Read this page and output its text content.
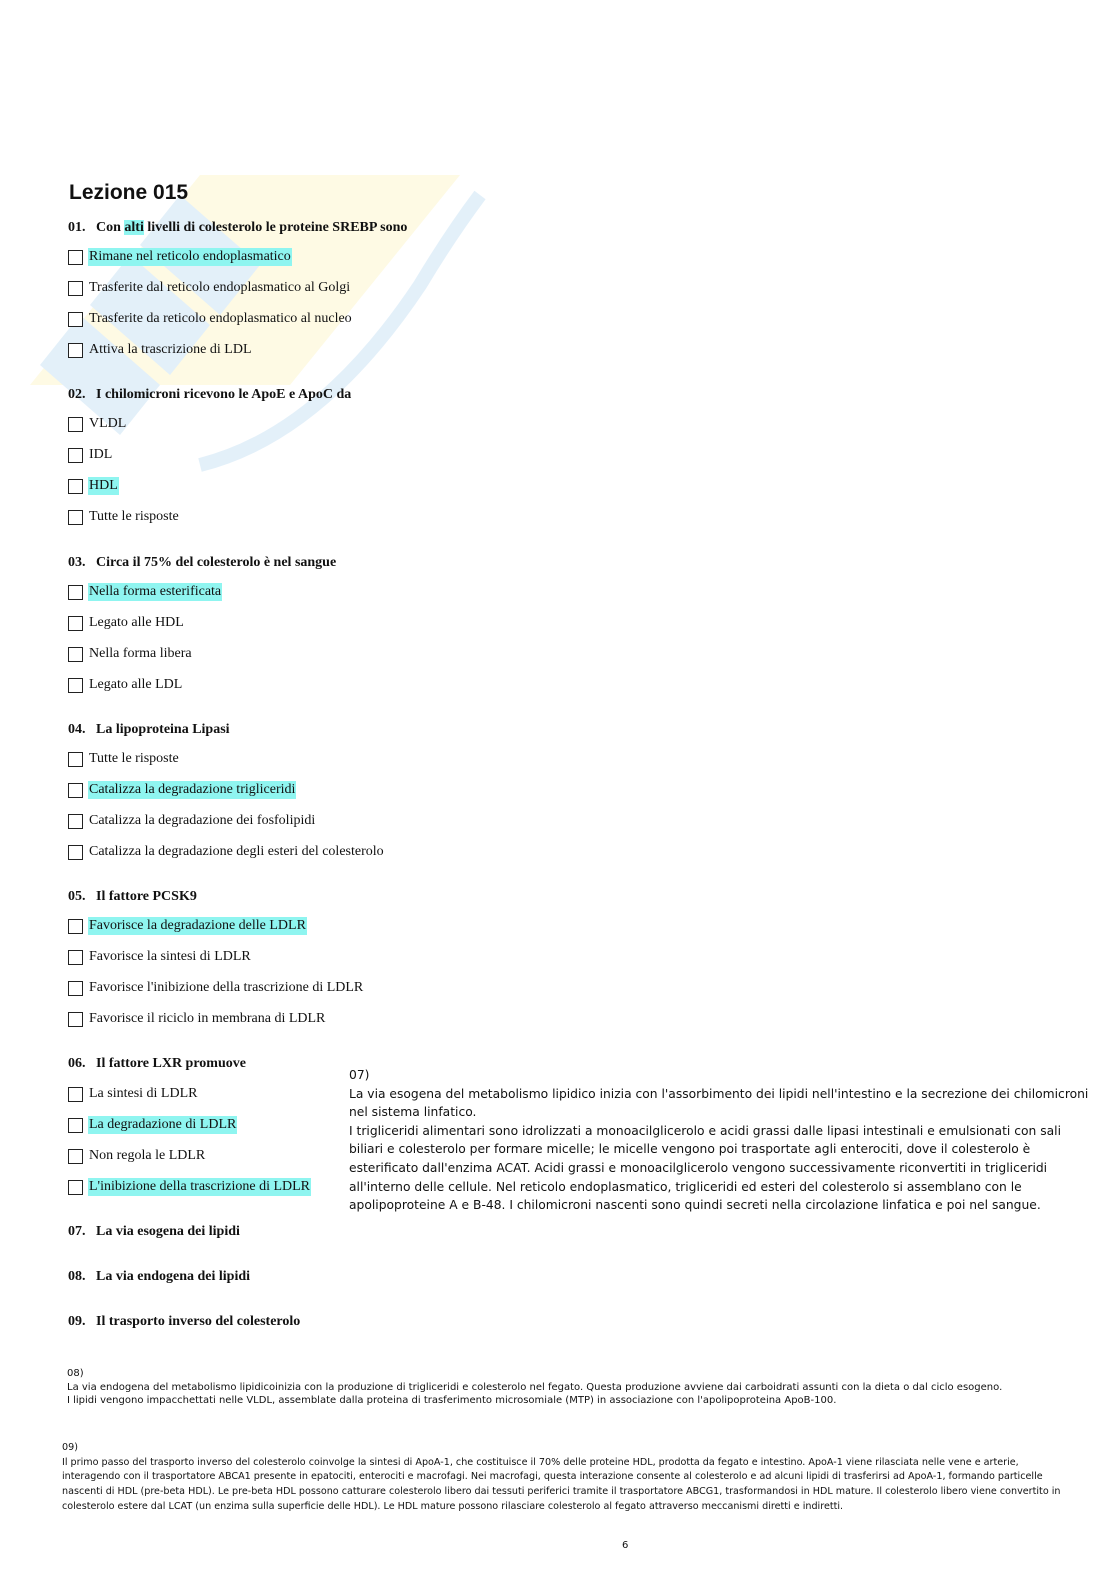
Lezione 015
01. Con alti livelli di colesterolo le proteine SREBP sono
Rimane nel reticolo endoplasmatico
Trasferite dal reticolo endoplasmatico al Golgi
Trasferite da reticolo endoplasmatico al nucleo
Attiva la trascrizione di LDL
02. I chilomicroni ricevono le ApoE e ApoC da
VLDL
IDL
HDL
Tutte le risposte
03. Circa il 75% del colesterolo è nel sangue
Nella forma esterificata
Legato alle HDL
Nella forma libera
Legato alle LDL
04. La lipoproteina Lipasi
Tutte le risposte
Catalizza la degradazione trigliceridi
Catalizza la degradazione dei fosfolipidi
Catalizza la degradazione degli esteri del colesterolo
05. Il fattore PCSK9
Favorisce la degradazione delle LDLR
Favorisce la sintesi di LDLR
Favorisce l'inibizione della trascrizione di LDLR
Favorisce il riciclo in membrana di LDLR
06. Il fattore LXR promuove
La sintesi di LDLR
La degradazione di LDLR
Non regola le LDLR
L'inibizione della trascrizione di LDLR
07. La via esogena dei lipidi
08. La via endogena dei lipidi
09. Il trasporto inverso del colesterolo

07)

La via esogena del metabolismo lipidico inizia con l'assorbimento dei lipidi nell'intestino e la secrezione dei chilomicroni nel sistema linfatico.

I trigliceridi alimentari sono idrolizzati a monoacilglicerolo e acidi grassi dalle lipasi intestinali e emulsionati con sali biliari e colesterolo per formare micelle; le micelle vengono poi trasportate agli enterociti, dove il colesterolo è esterificato dall'enzima ACAT. Acidi grassi e monoacilglicerolo vengono successivamente riconvertiti in trigliceridi all'interno delle cellule. Nel reticolo endoplasmatico, trigliceridi ed esteri del colesterolo si assemblano con le apolipoproteine A e B-48. I chilomicroni nascenti sono quindi secreti nella circolazione linfatica e poi nel sangue.

08)

La via endogena del metabolismo lipidicoinizia con la produzione di trigliceridi e colesterolo nel fegato. Questa produzione avviene dai carboidrati assunti con la dieta o dal ciclo esogeno.

I lipidi vengono impacchettati nelle VLDL, assemblate dalla proteina di trasferimento microsomiale (MTP) in associazione con l'apolipoproteina ApoB-100.

09)

Il primo passo del trasporto inverso del colesterolo coinvolge la sintesi di ApoA-1, che costituisce il 70% delle proteine HDL, prodotta da fegato e intestino. ApoA-1 viene rilasciata nelle vene e arterie, interagendo con il trasportatore ABCA1 presente in epatociti, enterociti e macrofagi. Nei macrofagi, questa interazione consente al colesterolo e ad alcuni lipidi di trasferirsi ad ApoA-1, formando particelle nascenti di HDL (pre-beta HDL). Le pre-beta HDL possono catturare colesterolo libero dai tessuti periferici tramite il trasportatore ABCG1, trasformandosi in HDL mature. Il colesterolo libero viene convertito in colesterolo estere dal LCAT (un enzima sulla superficie delle HDL). Le HDL mature possono rilasciare colesterolo al fegato attraverso meccanismi diretti e indiretti.

6
